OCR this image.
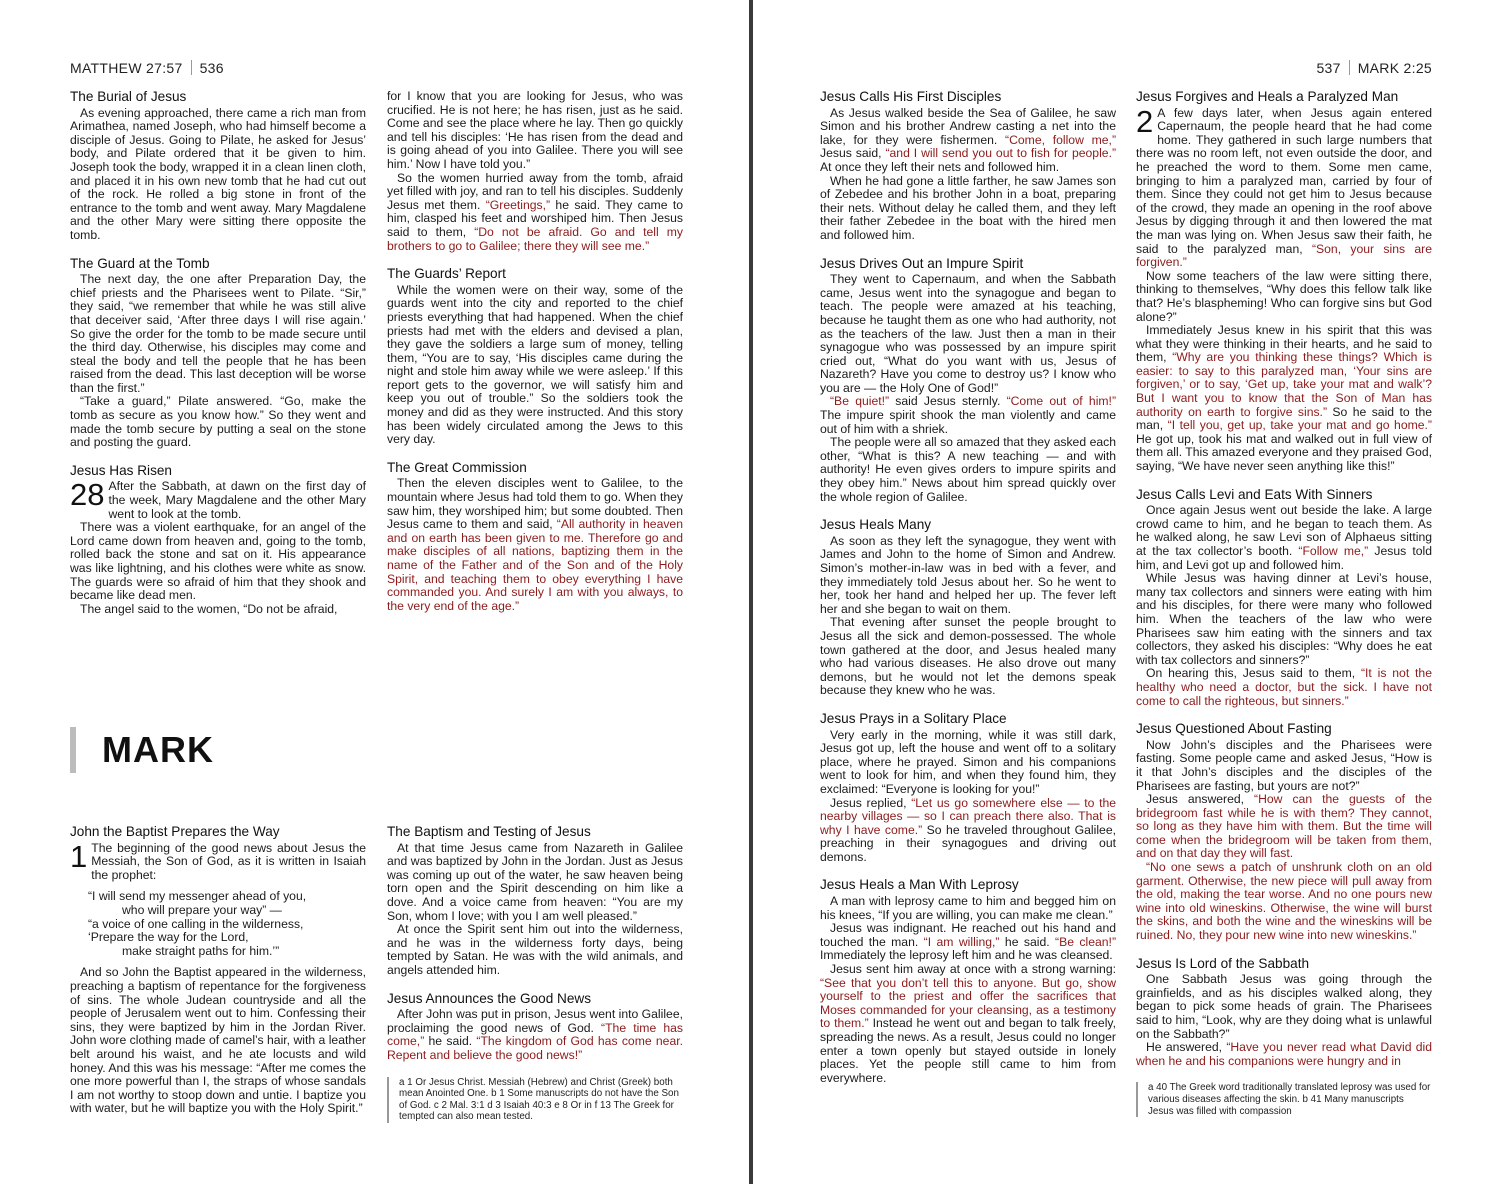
MATTHEW 27:57 536
The Burial of Jesus

As evening approached, there came a rich man from Arimathea, named Joseph, who had himself become a disciple of Jesus. Going to Pilate, he asked for Jesus’ body, and Pilate ordered that it be given to him. Joseph took the body, wrapped it in a clean linen cloth, and placed it in his own new tomb that he had cut out of the rock. He rolled a big stone in front of the entrance to the tomb and went away. Mary Magdalene and the other Mary were sitting there opposite the tomb.

The Guard at the Tomb

The next day, the one after Preparation Day, the chief priests and the Pharisees went to Pilate. “Sir,” they said, “we remember that while he was still alive that deceiver said, ‘After three days I will rise again.’ So give the order for the tomb to be made secure until the third day. Otherwise, his disciples may come and steal the body and tell the people that he has been raised from the dead. This last deception will be worse than the first.”

“Take a guard,” Pilate answered. “Go, make the tomb as secure as you know how.” So they went and made the tomb secure by putting a seal on the stone and posting the guard.

Jesus Has Risen
28 After the Sabbath, at dawn on the first day of the week, Mary Magdalene and the other Mary went to look at the tomb.

There was a violent earthquake, for an angel of the Lord came down from heaven and, going to the tomb, rolled back the stone and sat on it. His appearance was like lightning, and his clothes were white as snow. The guards were so afraid of him that they shook and became like dead men.

The angel said to the women, “Do not be afraid,

for I know that you are looking for Jesus, who was crucified. He is not here; he has risen, just as he said. Come and see the place where he lay. Then go quickly and tell his disciples: ‘He has risen from the dead and is going ahead of you into Galilee. There you will see him.’ Now I have told you.”

So the women hurried away from the tomb, afraid yet filled with joy, and ran to tell his disciples. Suddenly Jesus met them. “Greetings,” he said. They came to him, clasped his feet and worshiped him. Then Jesus said to them, “Do not be afraid. Go and tell my brothers to go to Galilee; there they will see me.”

The Guards’ Report

While the women were on their way, some of the guards went into the city and reported to the chief priests everything that had happened. When the chief priests had met with the elders and devised a plan, they gave the soldiers a large sum of money, telling them, “You are to say, ‘His disciples came during the night and stole him away while we were asleep.’ If this report gets to the governor, we will satisfy him and keep you out of trouble.” So the soldiers took the money and did as they were instructed. And this story has been widely circulated among the Jews to this very day.

The Great Commission

Then the eleven disciples went to Galilee, to the mountain where Jesus had told them to go. When they saw him, they worshiped him; but some doubted. Then Jesus came to them and said, “All authority in heaven and on earth has been given to me. Therefore go and make disciples of all nations, baptizing them in the name of the Father and of the Son and of the Holy Spirit, and teaching them to obey everything I have commanded you. And surely I am with you always, to the very end of the age.”

MARK
John the Baptist Prepares the Way
1 The beginning of the good news about Jesus the Messiah, the Son of God, as it is written in Isaiah the prophet:

“I will send my messenger ahead of you,
who will prepare your way” —
“a voice of one calling in the wilderness,
‘Prepare the way for the Lord,
make straight paths for him.’”

And so John the Baptist appeared in the wilderness, preaching a baptism of repentance for the forgiveness of sins. The whole Judean countryside and all the people of Jerusalem went out to him. Confessing their sins, they were baptized by him in the Jordan River. John wore clothing made of camel’s hair, with a leather belt around his waist, and he ate locusts and wild honey. And this was his message: “After me comes the one more powerful than I, the straps of whose sandals I am not worthy to stoop down and untie. I baptize you with water, but he will baptize you with the Holy Spirit.”

The Baptism and Testing of Jesus

At that time Jesus came from Nazareth in Galilee and was baptized by John in the Jordan. Just as Jesus was coming up out of the water, he saw heaven being torn open and the Spirit descending on him like a dove. And a voice came from heaven: “You are my Son, whom I love; with you I am well pleased.”

At once the Spirit sent him out into the wilderness, and he was in the wilderness forty days, being tempted by Satan. He was with the wild animals, and angels attended him.

Jesus Announces the Good News

After John was put in prison, Jesus went into Galilee, proclaiming the good news of God. “The time has come,” he said. “The kingdom of God has come near. Repent and believe the good news!”

a 1 Or Jesus Christ. Messiah (Hebrew) and Christ (Greek) both mean Anointed One. b 1 Some manuscripts do not have the Son of God. c 2 Mal. 3:1 d 3 Isaiah 40:3 e 8 Or in f 13 The Greek for tempted can also mean tested.
537 MARK 2:25
Jesus Calls His First Disciples

As Jesus walked beside the Sea of Galilee, he saw Simon and his brother Andrew casting a net into the lake, for they were fishermen. “Come, follow me,” Jesus said, “and I will send you out to fish for people.” At once they left their nets and followed him.

When he had gone a little farther, he saw James son of Zebedee and his brother John in a boat, preparing their nets. Without delay he called them, and they left their father Zebedee in the boat with the hired men and followed him.

Jesus Drives Out an Impure Spirit

They went to Capernaum, and when the Sabbath came, Jesus went into the synagogue and began to teach. The people were amazed at his teaching, because he taught them as one who had authority, not as the teachers of the law. Just then a man in their synagogue who was possessed by an impure spirit cried out, “What do you want with us, Jesus of Nazareth? Have you come to destroy us? I know who you are — the Holy One of God!”

“Be quiet!” said Jesus sternly. “Come out of him!” The impure spirit shook the man violently and came out of him with a shriek.

The people were all so amazed that they asked each other, “What is this? A new teaching — and with authority! He even gives orders to impure spirits and they obey him.” News about him spread quickly over the whole region of Galilee.

Jesus Heals Many

As soon as they left the synagogue, they went with James and John to the home of Simon and Andrew. Simon’s mother-in-law was in bed with a fever, and they immediately told Jesus about her. So he went to her, took her hand and helped her up. The fever left her and she began to wait on them.

That evening after sunset the people brought to Jesus all the sick and demon-possessed. The whole town gathered at the door, and Jesus healed many who had various diseases. He also drove out many demons, but he would not let the demons speak because they knew who he was.

Jesus Prays in a Solitary Place

Very early in the morning, while it was still dark, Jesus got up, left the house and went off to a solitary place, where he prayed. Simon and his companions went to look for him, and when they found him, they exclaimed: “Everyone is looking for you!”

Jesus replied, “Let us go somewhere else — to the nearby villages — so I can preach there also. That is why I have come.” So he traveled throughout Galilee, preaching in their synagogues and driving out demons.

Jesus Heals a Man With Leprosy

A man with leprosy came to him and begged him on his knees, “If you are willing, you can make me clean.”

Jesus was indignant. He reached out his hand and touched the man. “I am willing,” he said. “Be clean!” Immediately the leprosy left him and he was cleansed.

Jesus sent him away at once with a strong warning: “See that you don’t tell this to anyone. But go, show yourself to the priest and offer the sacrifices that Moses commanded for your cleansing, as a testimony to them.” Instead he went out and began to talk freely, spreading the news. As a result, Jesus could no longer enter a town openly but stayed outside in lonely places. Yet the people still came to him from everywhere.

Jesus Forgives and Heals a Paralyzed Man
2 A few days later, when Jesus again entered Capernaum, the people heard that he had come home. They gathered in such large numbers that there was no room left, not even outside the door, and he preached the word to them. Some men came, bringing to him a paralyzed man, carried by four of them. Since they could not get him to Jesus because of the crowd, they made an opening in the roof above Jesus by digging through it and then lowered the mat the man was lying on. When Jesus saw their faith, he said to the paralyzed man, “Son, your sins are forgiven.”

Now some teachers of the law were sitting there, thinking to themselves, “Why does this fellow talk like that? He’s blaspheming! Who can forgive sins but God alone?”

Immediately Jesus knew in his spirit that this was what they were thinking in their hearts, and he said to them, “Why are you thinking these things? Which is easier: to say to this paralyzed man, ‘Your sins are forgiven,’ or to say, ‘Get up, take your mat and walk’? But I want you to know that the Son of Man has authority on earth to forgive sins.” So he said to the man, “I tell you, get up, take your mat and go home.” He got up, took his mat and walked out in full view of them all. This amazed everyone and they praised God, saying, “We have never seen anything like this!”

Jesus Calls Levi and Eats With Sinners

Once again Jesus went out beside the lake. A large crowd came to him, and he began to teach them. As he walked along, he saw Levi son of Alphaeus sitting at the tax collector’s booth. “Follow me,” Jesus told him, and Levi got up and followed him.

While Jesus was having dinner at Levi’s house, many tax collectors and sinners were eating with him and his disciples, for there were many who followed him. When the teachers of the law who were Pharisees saw him eating with the sinners and tax collectors, they asked his disciples: “Why does he eat with tax collectors and sinners?”

On hearing this, Jesus said to them, “It is not the healthy who need a doctor, but the sick. I have not come to call the righteous, but sinners.”

Jesus Questioned About Fasting

Now John’s disciples and the Pharisees were fasting. Some people came and asked Jesus, “How is it that John’s disciples and the disciples of the Pharisees are fasting, but yours are not?”

Jesus answered, “How can the guests of the bridegroom fast while he is with them? They cannot, so long as they have him with them. But the time will come when the bridegroom will be taken from them, and on that day they will fast.

“No one sews a patch of unshrunk cloth on an old garment. Otherwise, the new piece will pull away from the old, making the tear worse. And no one pours new wine into old wineskins. Otherwise, the wine will burst the skins, and both the wine and the wineskins will be ruined. No, they pour new wine into new wineskins.”

Jesus Is Lord of the Sabbath

One Sabbath Jesus was going through the grainfields, and as his disciples walked along, they began to pick some heads of grain. The Pharisees said to him, “Look, why are they doing what is unlawful on the Sabbath?”

He answered, “Have you never read what David did when he and his companions were hungry and in

a 40 The Greek word traditionally translated leprosy was used for various diseases affecting the skin. b 41 Many manuscripts Jesus was filled with compassion
